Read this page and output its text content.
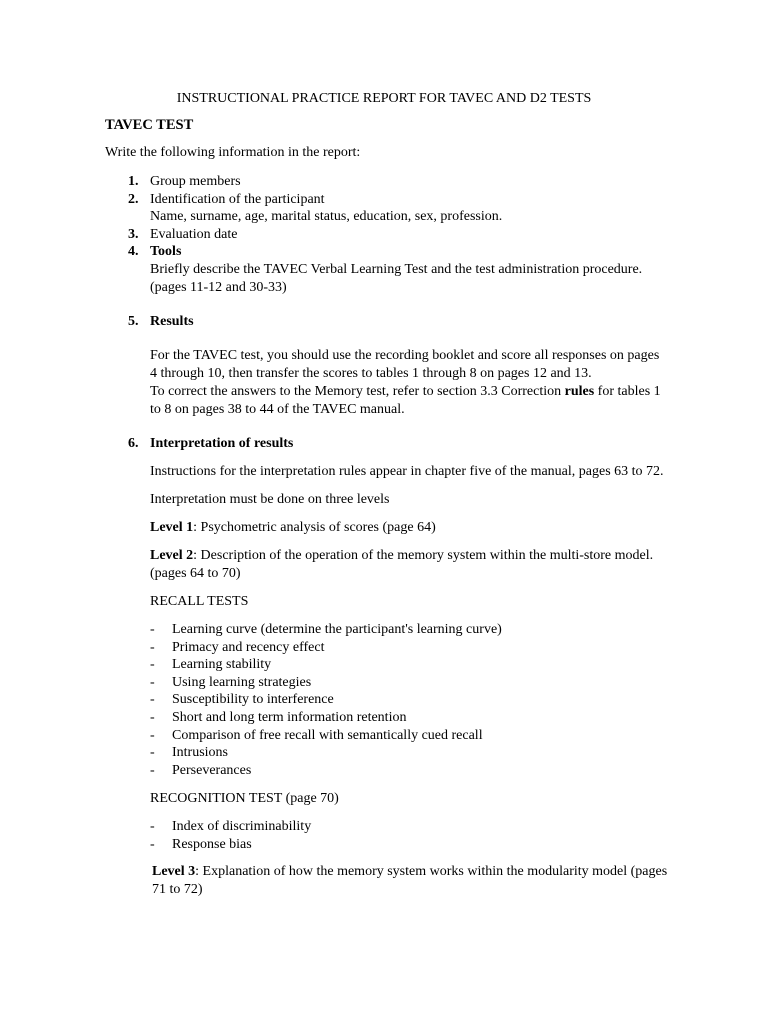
INSTRUCTIONAL PRACTICE REPORT FOR TAVEC AND D2 TESTS
TAVEC TEST
Write the following information in the report:
1. Group members
2. Identification of the participant
Name, surname, age, marital status, education, sex, profession.
3. Evaluation date
4. Tools
Briefly describe the TAVEC Verbal Learning Test and the test administration procedure.
(pages 11-12 and 30-33)
5. Results
For the TAVEC test, you should use the recording booklet and score all responses on pages
4 through 10, then transfer the scores to tables 1 through 8 on pages 12 and 13.
To correct the answers to the Memory test, refer to section 3.3 Correction rules for tables 1
to 8 on pages 38 to 44 of the TAVEC manual.
6. Interpretation of results
Instructions for the interpretation rules appear in chapter five of the manual, pages 63 to 72.
Interpretation must be done on three levels
Level 1: Psychometric analysis of scores (page 64)
Level 2: Description of the operation of the memory system within the multi-store model.
(pages 64 to 70)
RECALL TESTS
- Learning curve (determine the participant's learning curve)
- Primacy and recency effect
- Learning stability
- Using learning strategies
- Susceptibility to interference
- Short and long term information retention
- Comparison of free recall with semantically cued recall
- Intrusions
- Perseverances
RECOGNITION TEST (page 70)
- Index of discriminability
- Response bias
Level 3: Explanation of how the memory system works within the modularity model (pages
71 to 72)
